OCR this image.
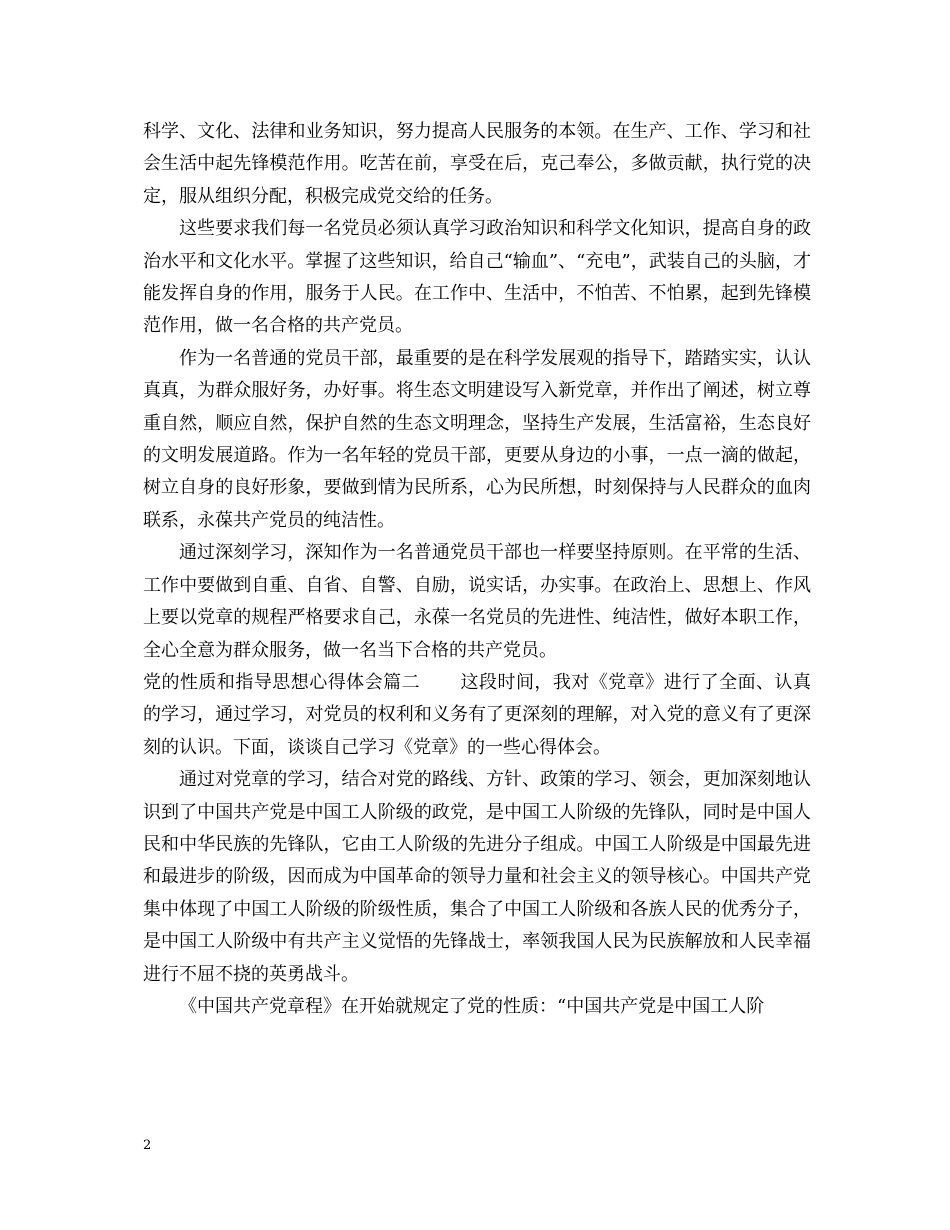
科学、文化、法律和业务知识，努力提高人民服务的本领。在生产、工作、学习和社会生活中起先锋模范作用。吃苦在前，享受在后，克己奉公，多做贡献，执行党的决定，服从组织分配，积极完成党交给的任务。

这些要求我们每一名党员必须认真学习政治知识和科学文化知识，提高自身的政治水平和文化水平。掌握了这些知识，给自己“输血”、“充电”，武装自己的头脑，才能发挥自身的作用，服务于人民。在工作中、生活中，不怕苦、不怕累，起到先锋模范作用，做一名合格的共产党员。

作为一名普通的党员干部，最重要的是在科学发展观的指导下，踏踏实实，认认真真，为群众服好务，办好事。将生态文明建设写入新党章，并作出了阐述，树立尊重自然，顺应自然，保护自然的生态文明理念，坚持生产发展，生活富裕，生态良好的文明发展道路。作为一名年轻的党员干部，更要从身边的小事，一点一滴的做起，树立自身的良好形象，要做到情为民所系，心为民所想，时刻保持与人民群众的血肉联系，永葆共产党员的纯洁性。

通过深刻学习，深知作为一名普通党员干部也一样要坚持原则。在平常的生活、工作中要做到自重、自省、自警、自励，说实话，办实事。在政治上、思想上、作风上要以党章的规程严格要求自己，永葆一名党员的先进性、纯洁性，做好本职工作，全心全意为群众服务，做一名当下合格的共产党员。

党的性质和指导思想心得体会篇二 这段时间，我对《党章》进行了全面、认真的学习，通过学习，对党员的权利和义务有了更深刻的理解，对入党的意义有了更深刻的认识。下面，谈谈自己学习《党章》的一些心得体会。

通过对党章的学习，结合对党的路线、方针、政策的学习、领会，更加深刻地认识到了中国共产党是中国工人阶级的政党，是中国工人阶级的先锋队，同时是中国人民和中华民族的先锋队，它由工人阶级的先进分子组成。中国工人阶级是中国最先进和最进步的阶级，因而成为中国革命的领导力量和社会主义的领导核心。中国共产党集中体现了中国工人阶级的阶级性质，集合了中国工人阶级和各族人民的优秀分子，是中国工人阶级中有共产主义觉悟的先锋战士，率领我国人民为民族解放和人民幸福进行不屈不挠的英勇战斗。

《中国共产党章程》在开始就规定了党的性质：“中国共产党是中国工人阶

2
